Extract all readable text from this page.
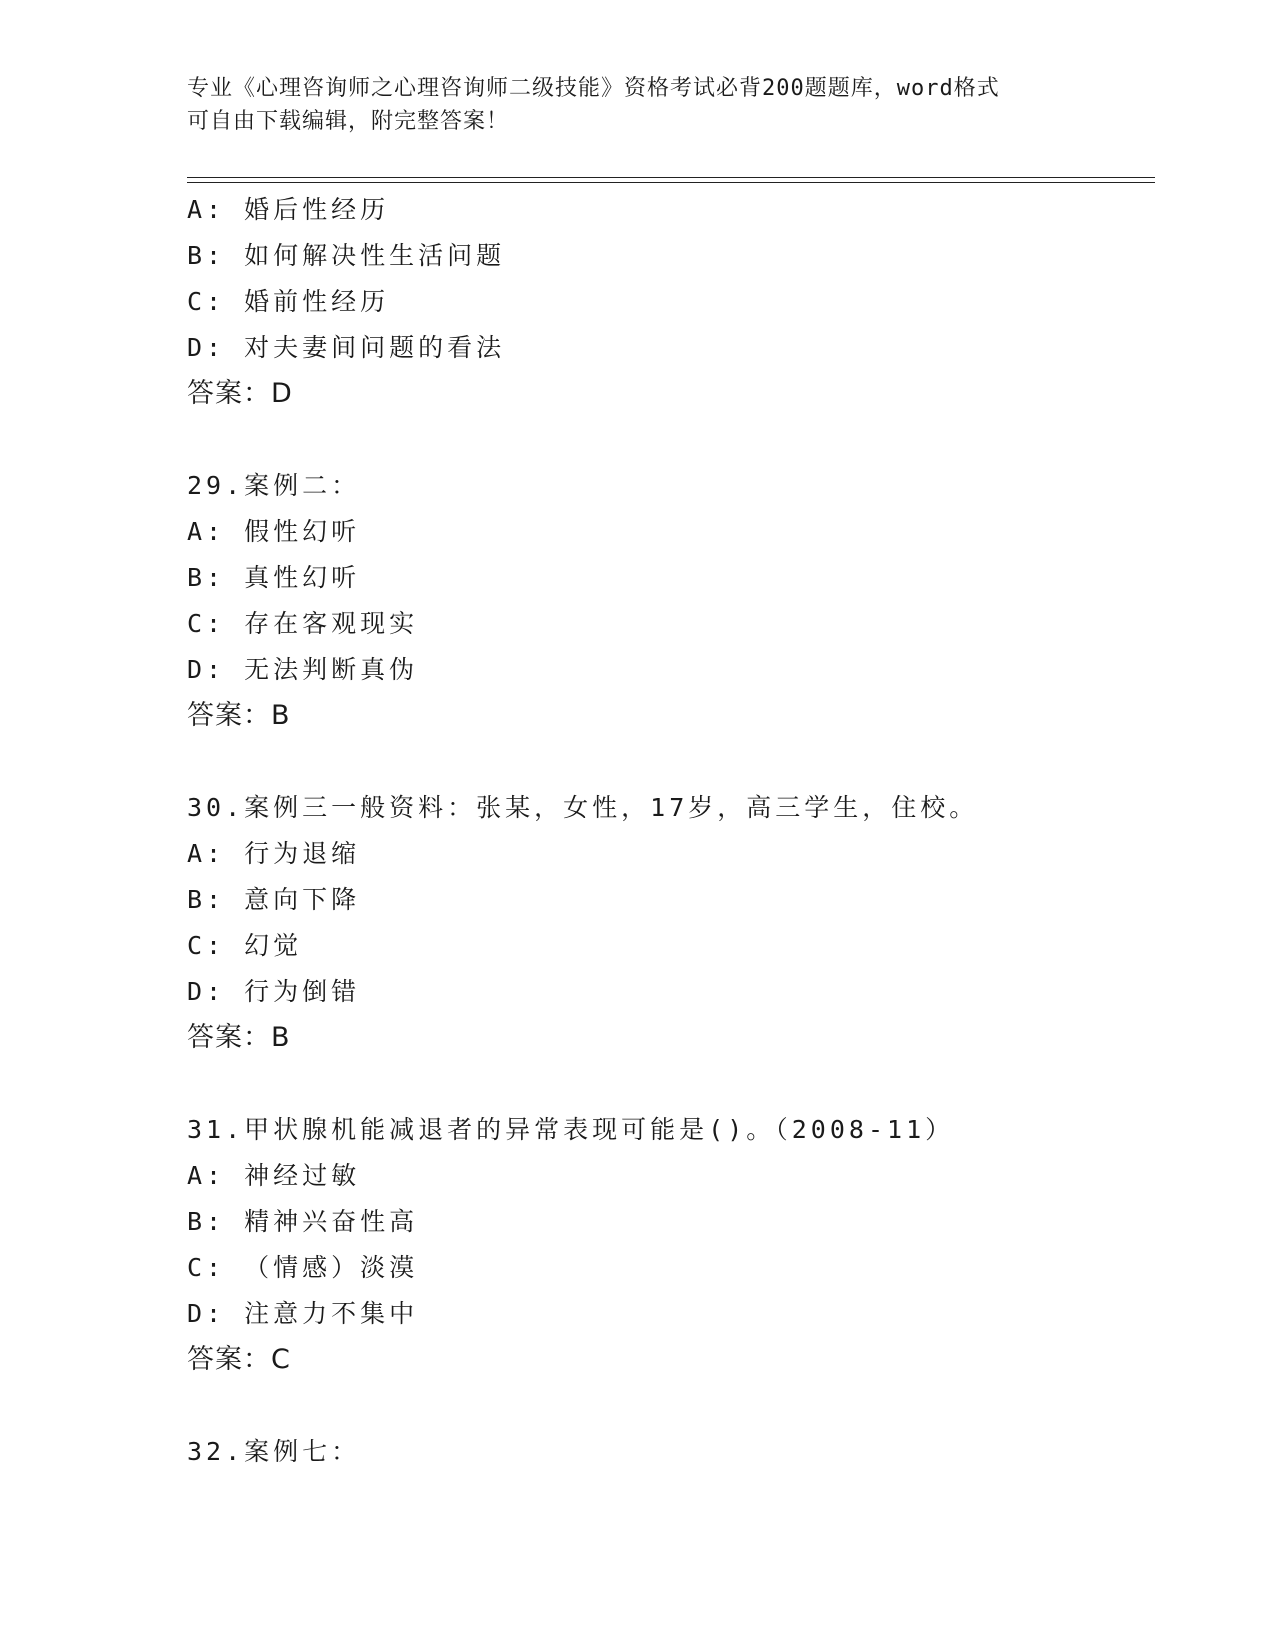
专业《心理咨询师之心理咨询师二级技能》资格考试必背200题题库，word格式
可自由下载编辑，附完整答案！
A: 婚后性经历
B: 如何解决性生活问题
C: 婚前性经历
D: 对夫妻间问题的看法
答案：D
29.案例二：
A: 假性幻听
B: 真性幻听
C: 存在客观现实
D: 无法判断真伪
答案：B
30.案例三一般资料：张某，女性，17岁，高三学生，住校。
A: 行为退缩
B: 意向下降
C: 幻觉
D: 行为倒错
答案：B
31.甲状腺机能减退者的异常表现可能是()。（2008-11）
A: 神经过敏
B: 精神兴奋性高
C: （情感）淡漠
D: 注意力不集中
答案：C
32.案例七：
